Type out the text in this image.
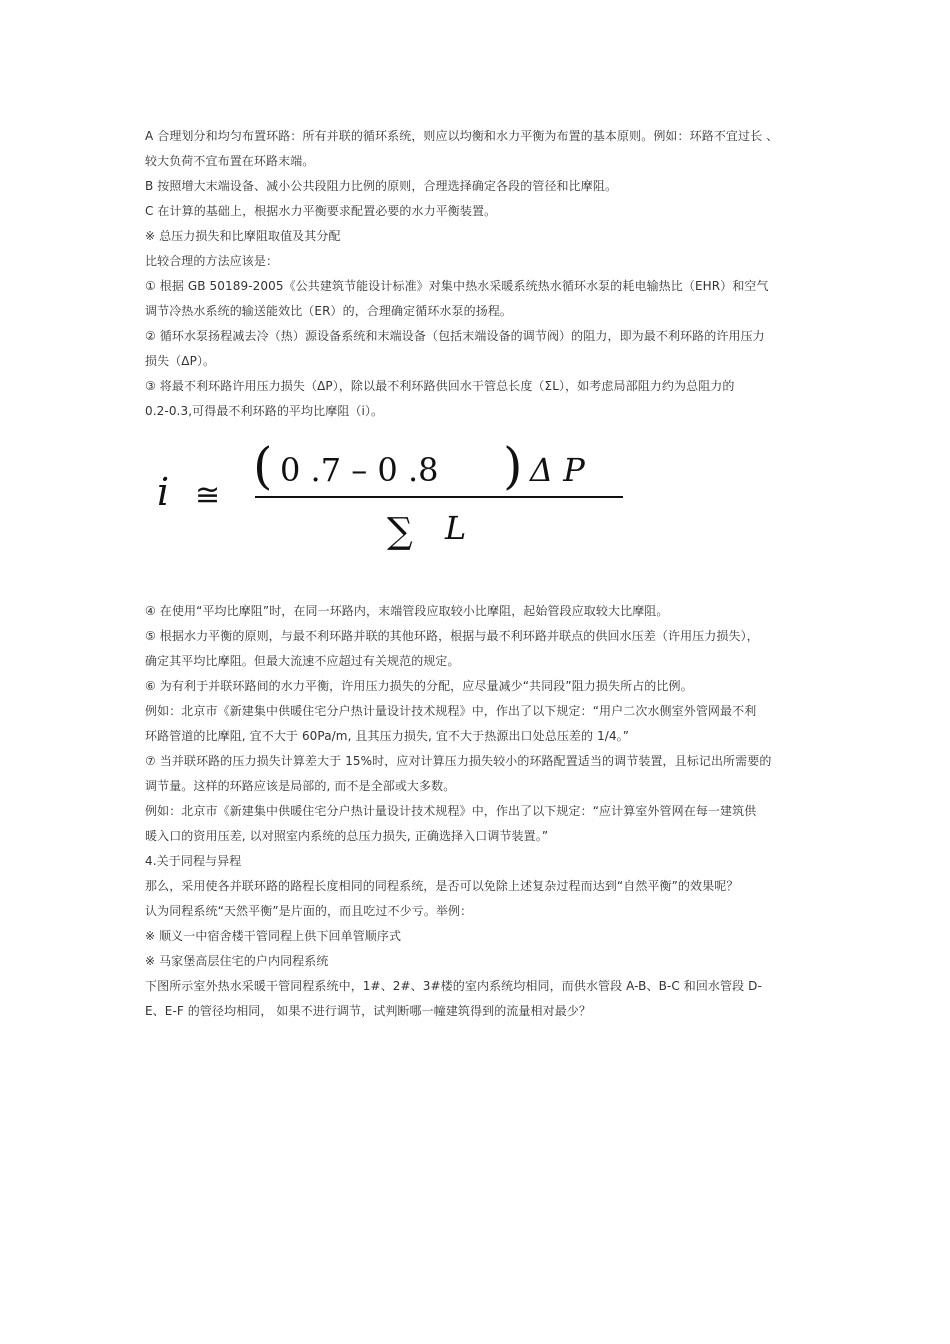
A 合理划分和均匀布置环路：所有并联的循环系统，则应以均衡和水力平衡为布置的基本原则。例如：环路不宜过长 、
较大负荷不宜布置在环路末端。
B 按照增大末端设备、减小公共段阻力比例的原则，合理选择确定各段的管径和比摩阻。
C 在计算的基础上，根据水力平衡要求配置必要的水力平衡装置。
※ 总压力损失和比摩阻取值及其分配
比较合理的方法应该是：
① 根据 GB 50189-2005《公共建筑节能设计标准》对集中热水采暖系统热水循环水泵的耗电输热比（EHR）和空气
调节冷热水系统的输送能效比（ER）的，合理确定循环水泵的扬程。
② 循环水泵扬程减去冷（热）源设备系统和末端设备（包括末端设备的调节阀）的阻力，即为最不利环路的许用压力
损失（ΔP）。
③ 将最不利环路许用压力损失（ΔP），除以最不利环路供回水干管总长度（ΣL），如考虑局部阻力约为总阻力的
0.2-0.3,可得最不利环路的平均比摩阻（i）。
i ≅
( 0 .7 – 0 .8 ) Δ P
∑ L
④ 在使用“平均比摩阻”时，在同一环路内，末端管段应取较小比摩阻，起始管段应取较大比摩阻。
⑤ 根据水力平衡的原则，与最不利环路并联的其他环路，根据与最不利环路并联点的供回水压差（许用压力损失），
确定其平均比摩阻。但最大流速不应超过有关规范的规定。
⑥ 为有利于并联环路间的水力平衡，许用压力损失的分配，应尽量减少“共同段”阻力损失所占的比例。
例如：北京市《新建集中供暖住宅分户热计量设计技术规程》中，作出了以下规定：“用户二次水侧室外管网最不利
环路管道的比摩阻, 宜不大于 60Pa/m, 且其压力损失, 宜不大于热源出口处总压差的 1/4。”
⑦ 当并联环路的压力损失计算差大于 15%时，应对计算压力损失较小的环路配置适当的调节装置，且标记出所需要的
调节量。这样的环路应该是局部的, 而不是全部或大多数。
例如：北京市《新建集中供暖住宅分户热计量设计技术规程》中，作出了以下规定：“应计算室外管网在每一建筑供
暖入口的资用压差, 以对照室内系统的总压力损失, 正确选择入口调节装置。”
4.关于同程与异程
那么，采用使各并联环路的路程长度相同的同程系统，是否可以免除上述复杂过程而达到“自然平衡”的效果呢？
认为同程系统“天然平衡”是片面的，而且吃过不少亏。举例：
※ 顺义一中宿舍楼干管同程上供下回单管顺序式
※ 马家堡高层住宅的户内同程系统
下图所示室外热水采暖干管同程系统中，1#、2#、3#楼的室内系统均相同，而供水管段 A-B、B-C 和回水管段 D-
E、E-F 的管径均相同， 如果不进行调节，试判断哪一幢建筑得到的流量相对最少？
